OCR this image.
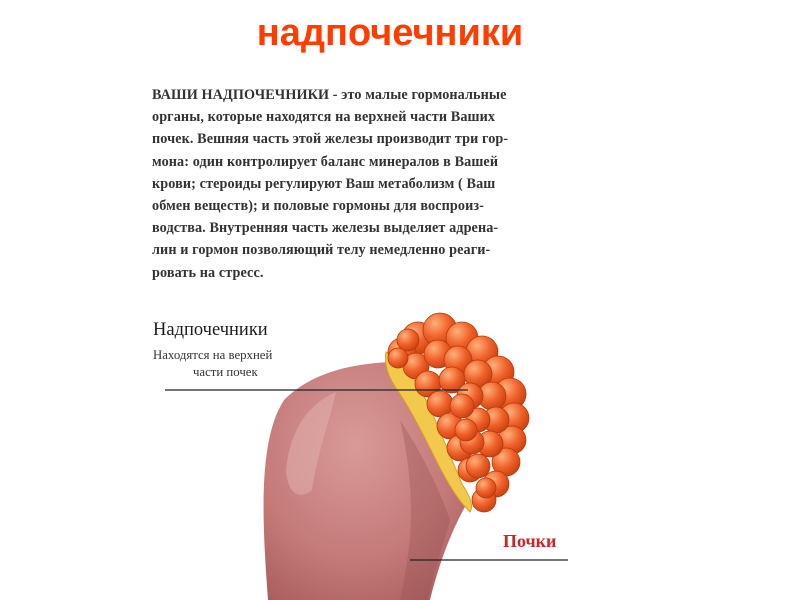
надпочечники
ВАШИ НАДПОЧЕЧНИКИ - это малые гормональные
органы, которые находятся на верхней части Ваших
почек. Вешняя часть этой железы производит три гор-
мона: один контролирует баланс минералов в Вашей
крови; стероиды регулируют Ваш метаболизм ( Ваш
обмен веществ); и половые гормоны для воспроиз-
водства. Внутренняя часть железы выделяет адрена-
лин и гормон позволяющий телу немедленно реаги-
ровать на стресс.
Надпочечники
Находятся на верхней
части почек
Почки
